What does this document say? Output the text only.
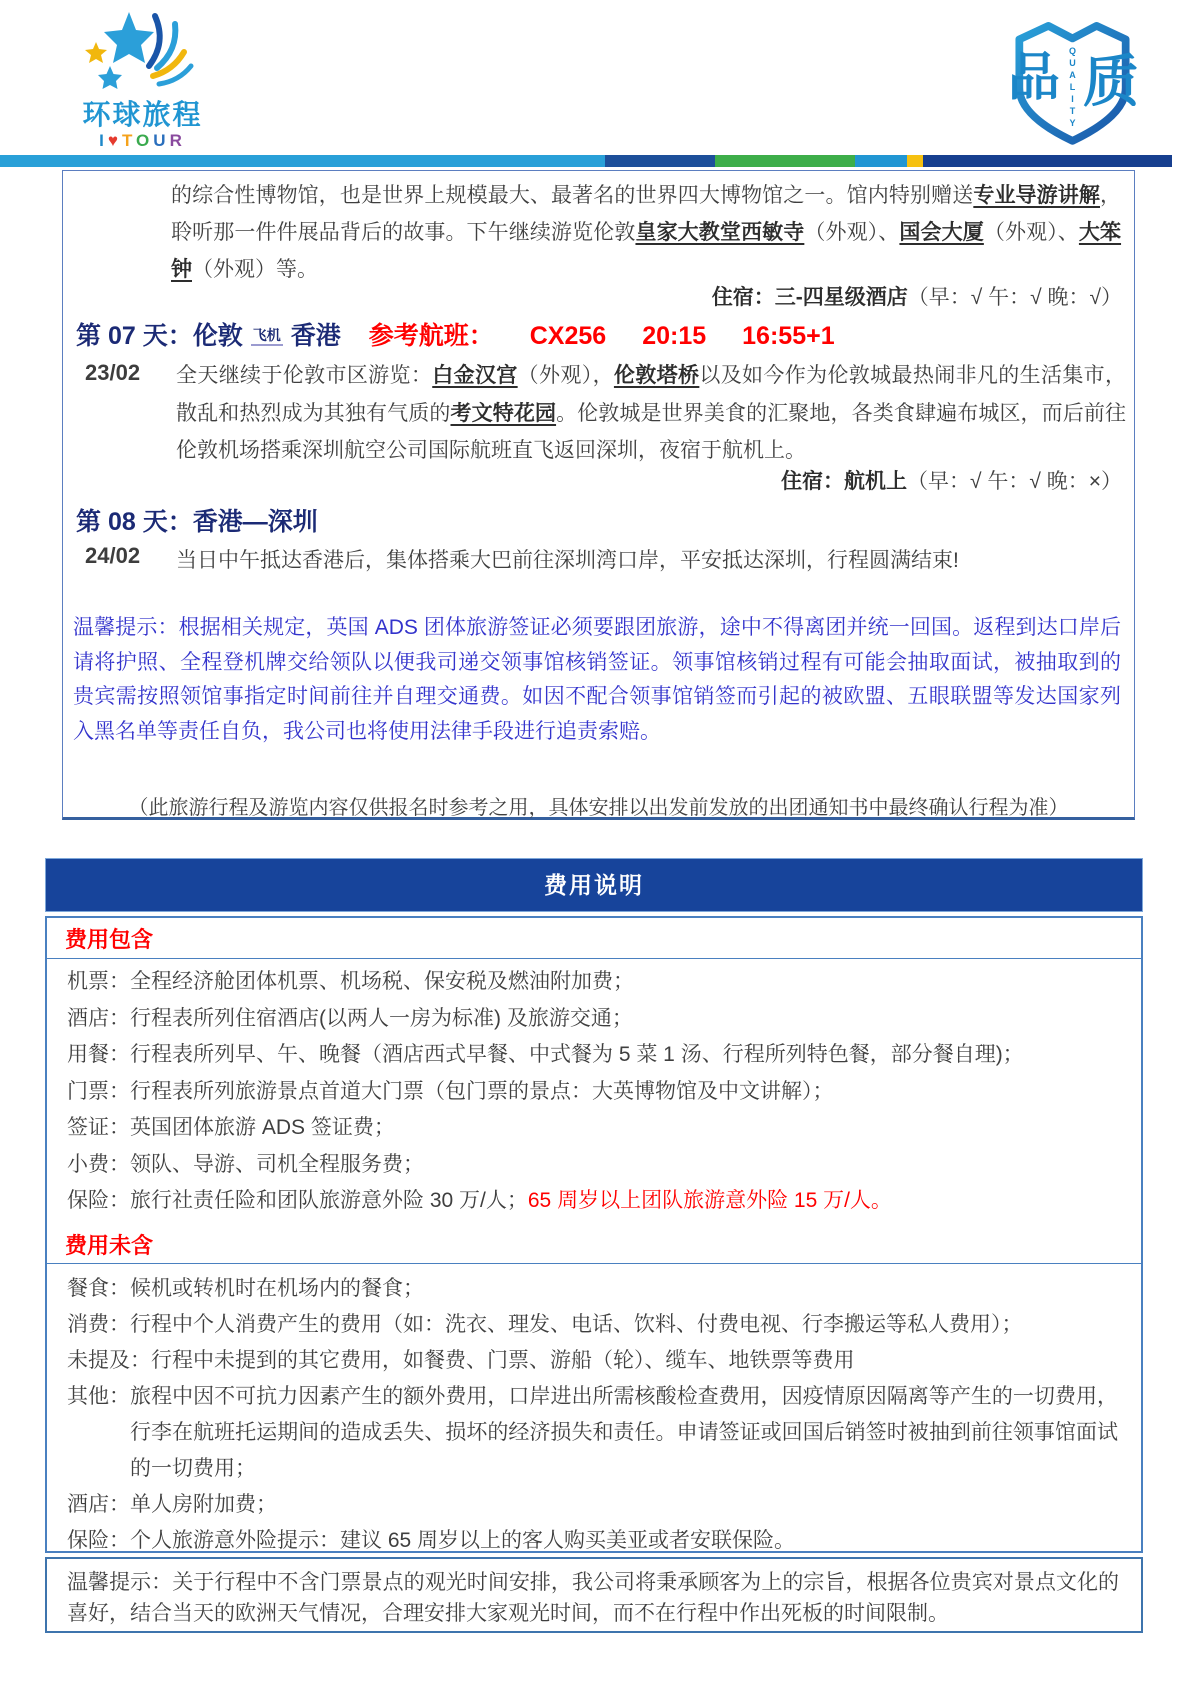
环球旅程
I♥TOUR
品 质
QUALITY

的综合性博物馆，也是世界上规模最大、最著名的世界四大博物馆之一。馆内特别赠送专业导游讲解，聆听那一件件展品背后的故事。下午继续游览伦敦皇家大教堂西敏寺（外观）、国会大厦（外观）、大笨钟（外观）等。

住宿：三-四星级酒店（早：√ 午：√ 晚：√）

第 07 天：伦敦 飞机 香港 参考航班： CX256 20:15 16:55+1
23/02 全天继续于伦敦市区游览：白金汉宫（外观），伦敦塔桥以及如今作为伦敦城最热闹非凡的生活集市，散乱和热烈成为其独有气质的考文特花园。伦敦城是世界美食的汇聚地，各类食肆遍布城区，而后前往伦敦机场搭乘深圳航空公司国际航班直飞返回深圳，夜宿于航机上。

住宿：航机上（早：√ 午：√ 晚：×）

第 08 天：香港—深圳
24/02 当日中午抵达香港后，集体搭乘大巴前往深圳湾口岸，平安抵达深圳，行程圆满结束!

温馨提示：根据相关规定，英国 ADS 团体旅游签证必须要跟团旅游，途中不得离团并统一回国。返程到达口岸后请将护照、全程登机牌交给领队以便我司递交领事馆核销签证。领事馆核销过程有可能会抽取面试，被抽取到的贵宾需按照领馆事指定时间前往并自理交通费。如因不配合领事馆销签而引起的被欧盟、五眼联盟等发达国家列入黑名单等责任自负，我公司也将使用法律手段进行追责索赔。

（此旅游行程及游览内容仅供报名时参考之用，具体安排以出发前发放的出团通知书中最终确认行程为准）

费用说明
费用包含
机票：全程经济舱团体机票、机场税、保安税及燃油附加费；
酒店：行程表所列住宿酒店(以两人一房为标准) 及旅游交通；
用餐：行程表所列早、午、晚餐（酒店西式早餐、中式餐为 5 菜 1 汤、行程所列特色餐，部分餐自理)；
门票：行程表所列旅游景点首道大门票（包门票的景点：大英博物馆及中文讲解）；
签证：英国团体旅游 ADS 签证费；
小费：领队、导游、司机全程服务费；
保险：旅行社责任险和团队旅游意外险 30 万/人；65 周岁以上团队旅游意外险 15 万/人。
费用未含
餐食：候机或转机时在机场内的餐食；
消费：行程中个人消费产生的费用（如：洗衣、理发、电话、饮料、付费电视、行李搬运等私人费用）；
未提及：行程中未提到的其它费用，如餐费、门票、游船（轮）、缆车、地铁票等费用
其他：旅程中因不可抗力因素产生的额外费用，口岸进出所需核酸检查费用，因疫情原因隔离等产生的一切费用，行李在航班托运期间的造成丢失、损坏的经济损失和责任。申请签证或回国后销签时被抽到前往领事馆面试的一切费用；
酒店：单人房附加费；
保险：个人旅游意外险提示：建议 65 周岁以上的客人购买美亚或者安联保险。

温馨提示：关于行程中不含门票景点的观光时间安排，我公司将秉承顾客为上的宗旨，根据各位贵宾对景点文化的喜好，结合当天的欧洲天气情况，合理安排大家观光时间，而不在行程中作出死板的时间限制。
